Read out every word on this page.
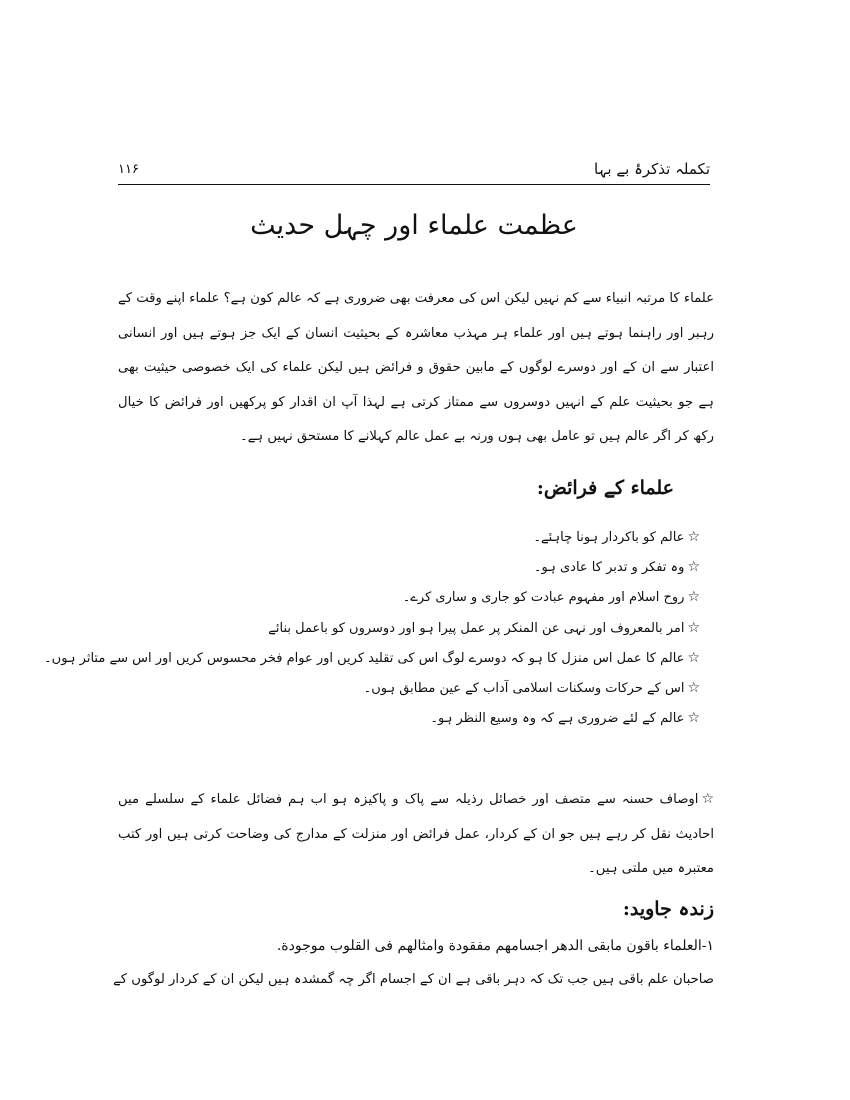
تکملہ تذکرۂ بے بہا
۱۱۶
عظمت علماء اور چہل حدیث

علماء کا مرتبہ انبیاء سے کم نہیں لیکن اس کی معرفت بھی ضروری ہے کہ عالم کون ہے؟ علماء اپنے وقت کے رہبر اور راہنما ہوتے ہیں اور علماء ہر مہذب معاشرہ کے بحیثیت انسان کے ایک جز ہوتے ہیں اور انسانی اعتبار سے ان کے اور دوسرے لوگوں کے مابین حقوق و فرائض ہیں لیکن علماء کی ایک خصوصی حیثیت بھی ہے جو بحیثیت علم کے انہیں دوسروں سے ممتاز کرتی ہے لہذا آپ ان اقدار کو پرکھیں اور فرائض کا خیال رکھ کر اگر عالم ہیں تو عامل بھی ہوں ورنہ بے عمل عالم کہلانے کا مستحق نہیں ہے۔

علماء کے فرائض:
☆عالم کو باکردار ہونا چاہئے۔
☆وہ تفکر و تدبر کا عادی ہو۔
☆روح اسلام اور مفہوم عبادت کو جاری و ساری کرے۔
☆امر بالمعروف اور نہی عن المنکر پر عمل پیرا ہو اور دوسروں کو باعمل بنائے
☆عالم کا عمل اس منزل کا ہو کہ دوسرے لوگ اس کی تقلید کریں اور عوام فخر محسوس کریں اور اس سے متاثر ہوں۔
☆اس کے حرکات وسکنات اسلامی آداب کے عین مطابق ہوں۔
☆عالم کے لئے ضروری ہے کہ وہ وسیع النظر ہو۔

☆اوصاف حسنہ سے متصف اور خصائل رذیلہ سے پاک و پاکیزہ ہو اب ہم فضائل علماء کے سلسلے میں احادیث نقل کر رہے ہیں جو ان کے کردار، عمل فرائض اور منزلت کے مدارج کی وضاحت کرتی ہیں اور کتب معتبرہ میں ملتی ہیں۔

زندہ جاوید:
۱-العلماء باقون مابقی الدهر اجسامهم مفقودة وامثالهم فی القلوب موجودة.
صاحبان علم باقی ہیں جب تک کہ دہر باقی ہے ان کے اجسام اگر چہ گمشدہ ہیں لیکن ان کے کردار لوگوں کے
